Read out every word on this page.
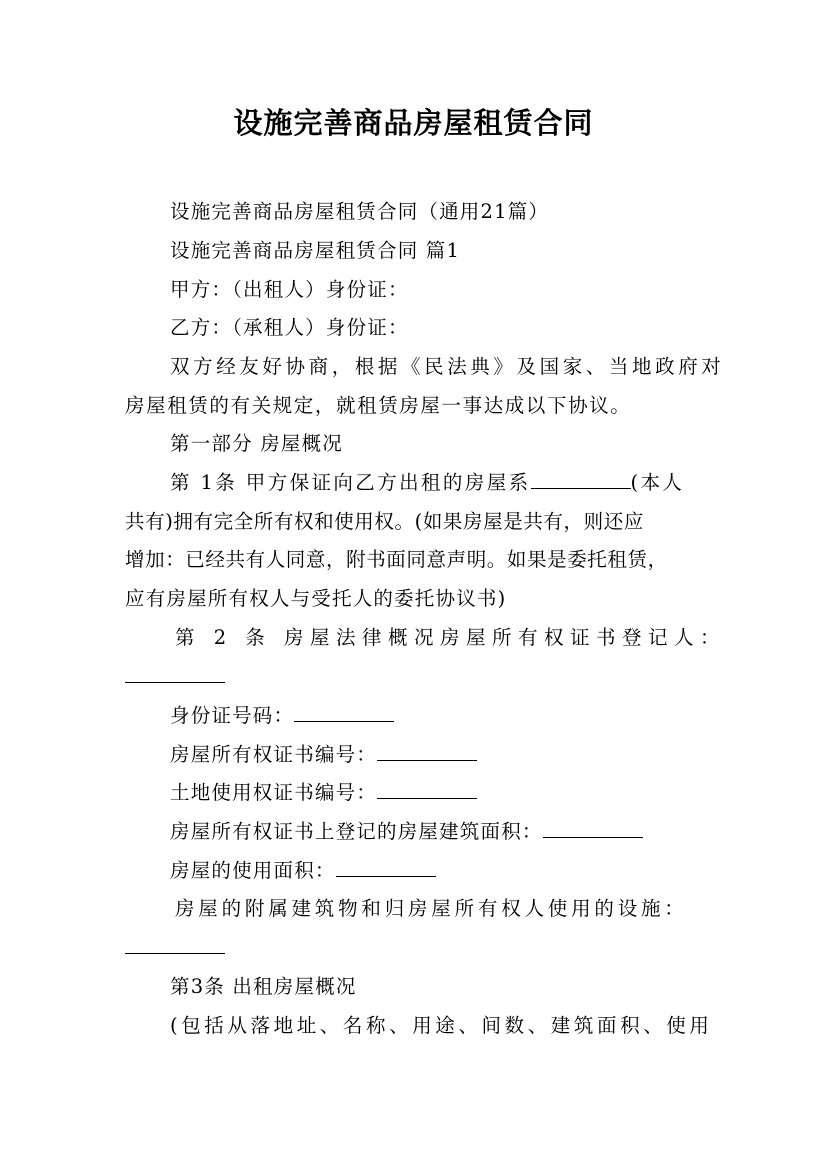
设施完善商品房屋租赁合同
设施完善商品房屋租赁合同（通用21篇）
设施完善商品房屋租赁合同 篇1
甲方：（出租人）身份证：
乙方：（承租人）身份证：
双方经友好协商，根据《民法典》及国家、当地政府对
房屋租赁的有关规定，就租赁房屋一事达成以下协议。
第一部分 房屋概况
第 1条 甲方保证向乙方出租的房屋系	(本人
共有)拥有完全所有权和使用权。(如果房屋是共有，则还应
增加：已经共有人同意，附书面同意声明。如果是委托租赁，
应有房屋所有权人与受托人的委托协议书)
第 2 条 房屋法律概况房屋所有权证书登记人：
身份证号码：
房屋所有权证书编号：
土地使用权证书编号：
房屋所有权证书上登记的房屋建筑面积：
房屋的使用面积：
房屋的附属建筑物和归房屋所有权人使用的设施：
第3条 出租房屋概况
(包括从落地址、名称、用途、间数、建筑面积、使用
